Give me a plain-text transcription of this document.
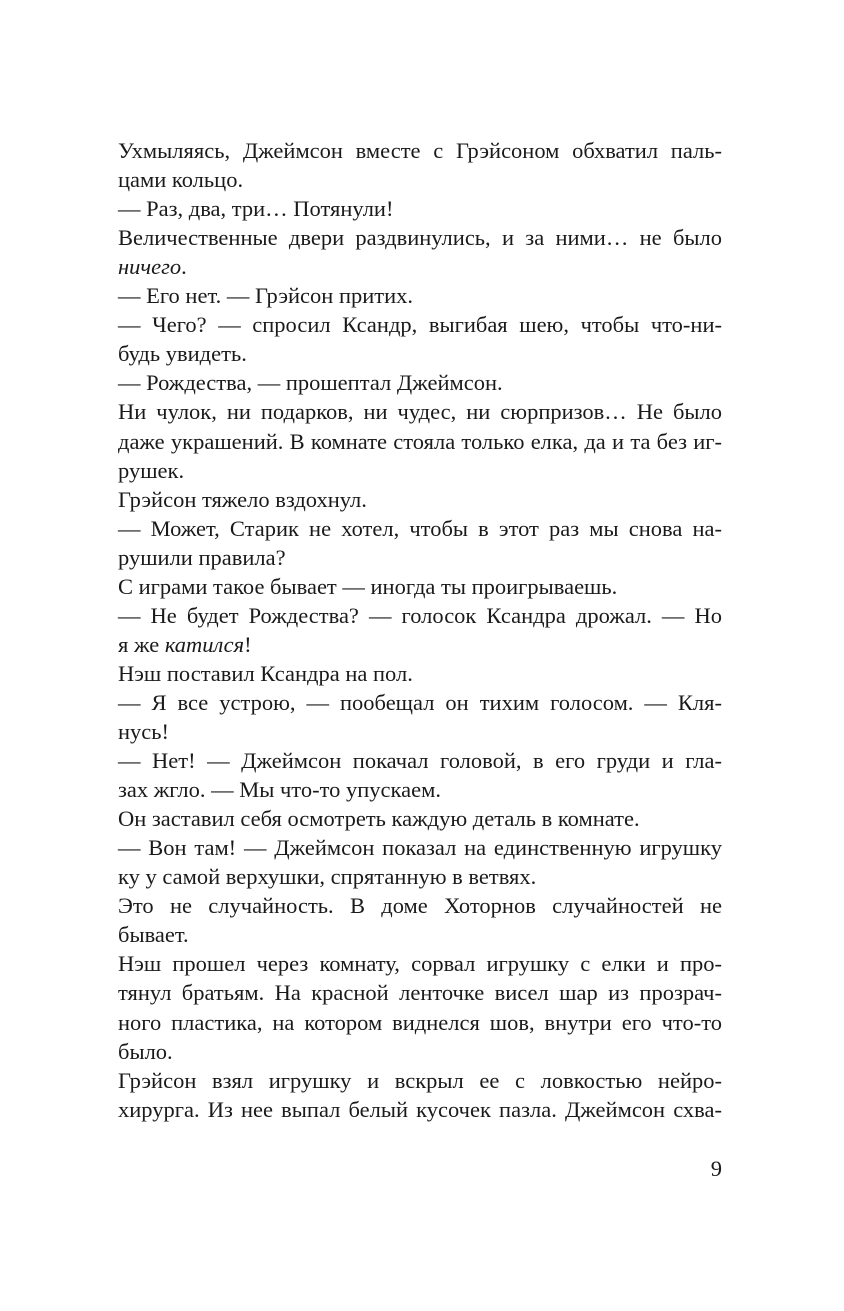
Ухмыляясь, Джеймсон вместе с Грэйсоном обхватил паль-
цами кольцо.
— Раз, два, три… Потянули!
Величественные двери раздвинулись, и за ними… не было
ничего.
— Его нет. — Грэйсон притих.
— Чего? — спросил Ксандр, выгибая шею, чтобы что-ни-
будь увидеть.
— Рождества, — прошептал Джеймсон.
Ни чулок, ни подарков, ни чудес, ни сюрпризов… Не было
даже украшений. В комнате стояла только елка, да и та без иг-
рушек.
Грэйсон тяжело вздохнул.
— Может, Старик не хотел, чтобы в этот раз мы снова на-
рушили правила?
С играми такое бывает — иногда ты проигрываешь.
— Не будет Рождества? — голосок Ксандра дрожал. — Но
я же катился!
Нэш поставил Ксандра на пол.
— Я все устрою, — пообещал он тихим голосом. — Кля-
нусь!
— Нет! — Джеймсон покачал головой, в его груди и гла-
зах жгло. — Мы что-то упускаем.
Он заставил себя осмотреть каждую деталь в комнате.
— Вон там! — Джеймсон показал на единственную игрушку
ку у самой верхушки, спрятанную в ветвях.
Это не случайность. В доме Хоторнов случайностей не
бывает.
Нэш прошел через комнату, сорвал игрушку с елки и про-
тянул братьям. На красной ленточке висел шар из прозрач-
ного пластика, на котором виднелся шов, внутри его что-то
было.
Грэйсон взял игрушку и вскрыл ее с ловкостью нейро-
хирурга. Из нее выпал белый кусочек пазла. Джеймсон схва-
9
